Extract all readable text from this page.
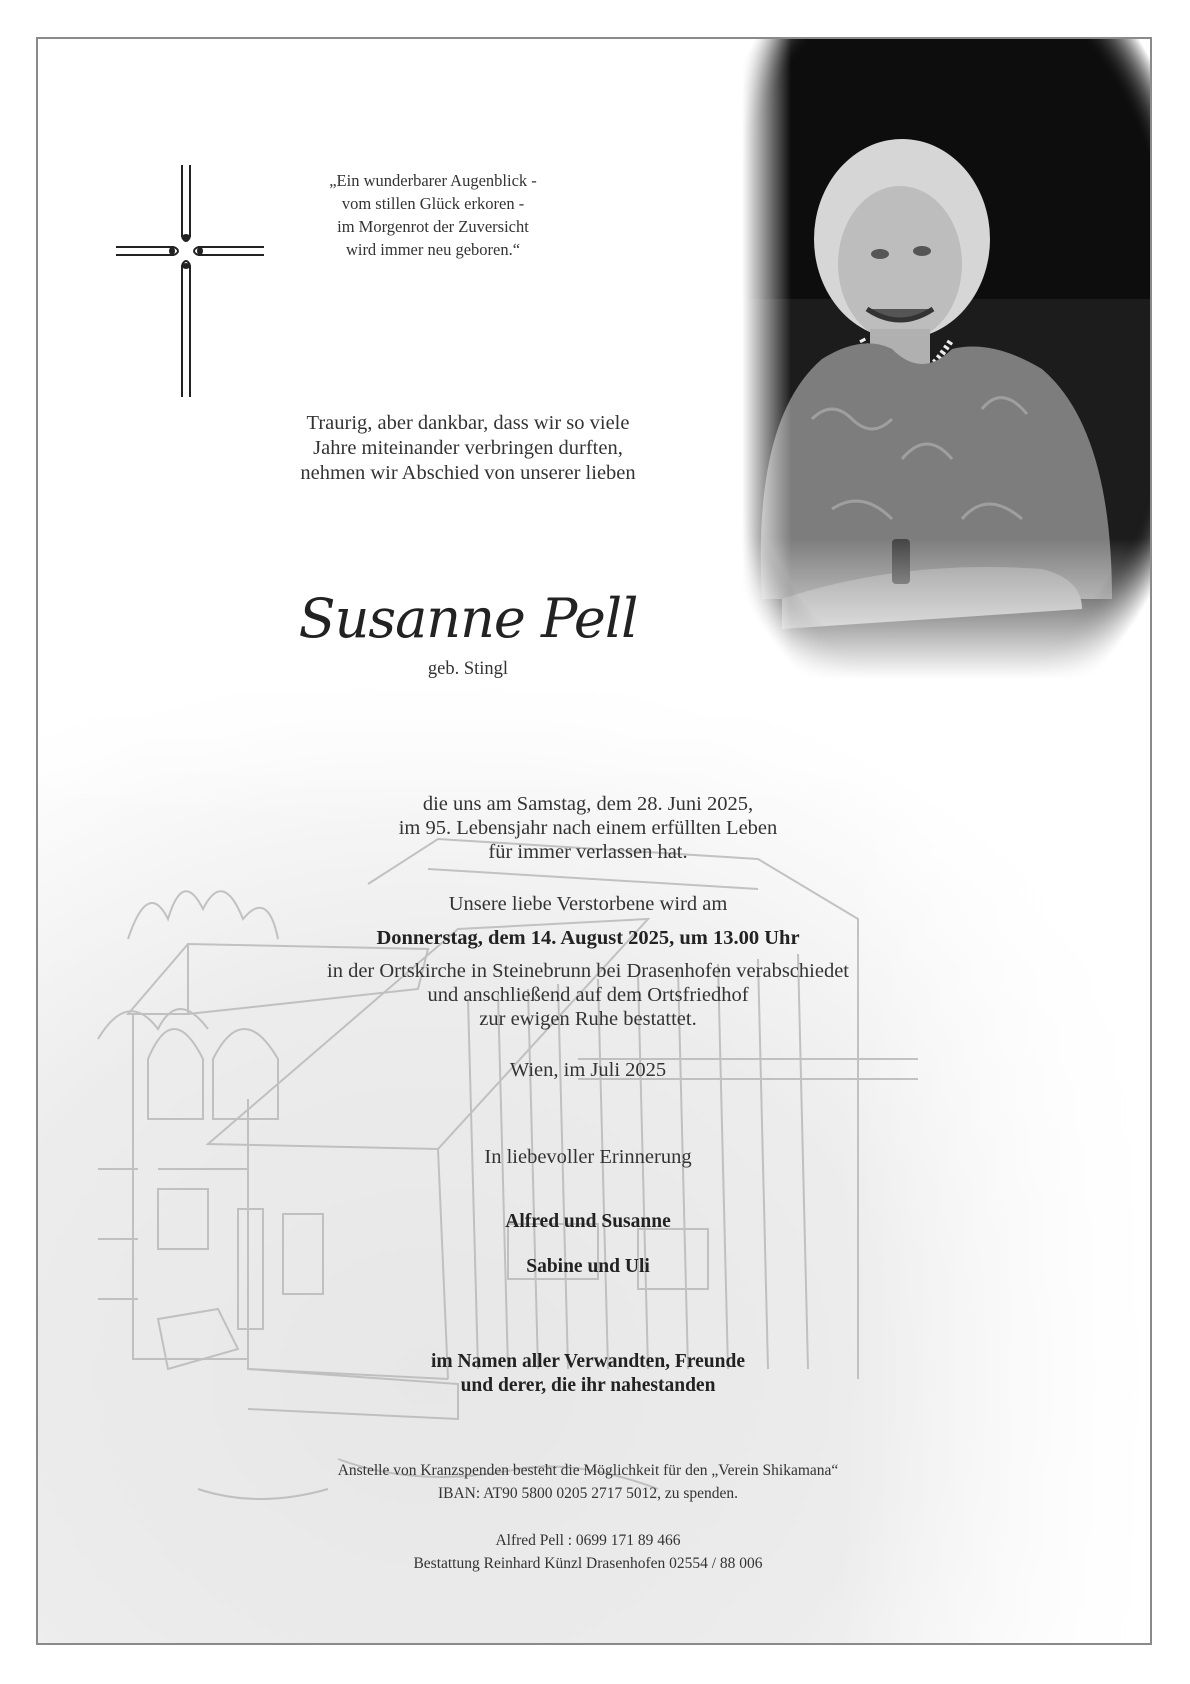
„Ein wunderbarer Augenblick -
vom stillen Glück erkoren -
im Morgenrot der Zuversicht
wird immer neu geboren.“
Traurig, aber dankbar, dass wir so viele
Jahre miteinander verbringen durften,
nehmen wir Abschied von unserer lieben
Susanne Pell
geb. Stingl
die uns am Samstag, dem 28. Juni 2025,
im 95. Lebensjahr nach einem erfüllten Leben
für immer verlassen hat.
Unsere liebe Verstorbene wird am
Donnerstag, dem 14. August 2025, um 13.00 Uhr
in der Ortskirche in Steinebrunn bei Drasenhofen verabschiedet
und anschließend auf dem Ortsfriedhof
zur ewigen Ruhe bestattet.
Wien, im Juli 2025
In liebevoller Erinnerung
Alfred und Susanne
Sabine und Uli
im Namen aller Verwandten, Freunde
und derer, die ihr nahestanden
Anstelle von Kranzspenden besteht die Möglichkeit für den „Verein Shikamana“
IBAN: AT90 5800 0205 2717 5012, zu spenden.
Alfred Pell : 0699 171 89 466
Bestattung Reinhard Künzl Drasenhofen 02554 / 88 006
